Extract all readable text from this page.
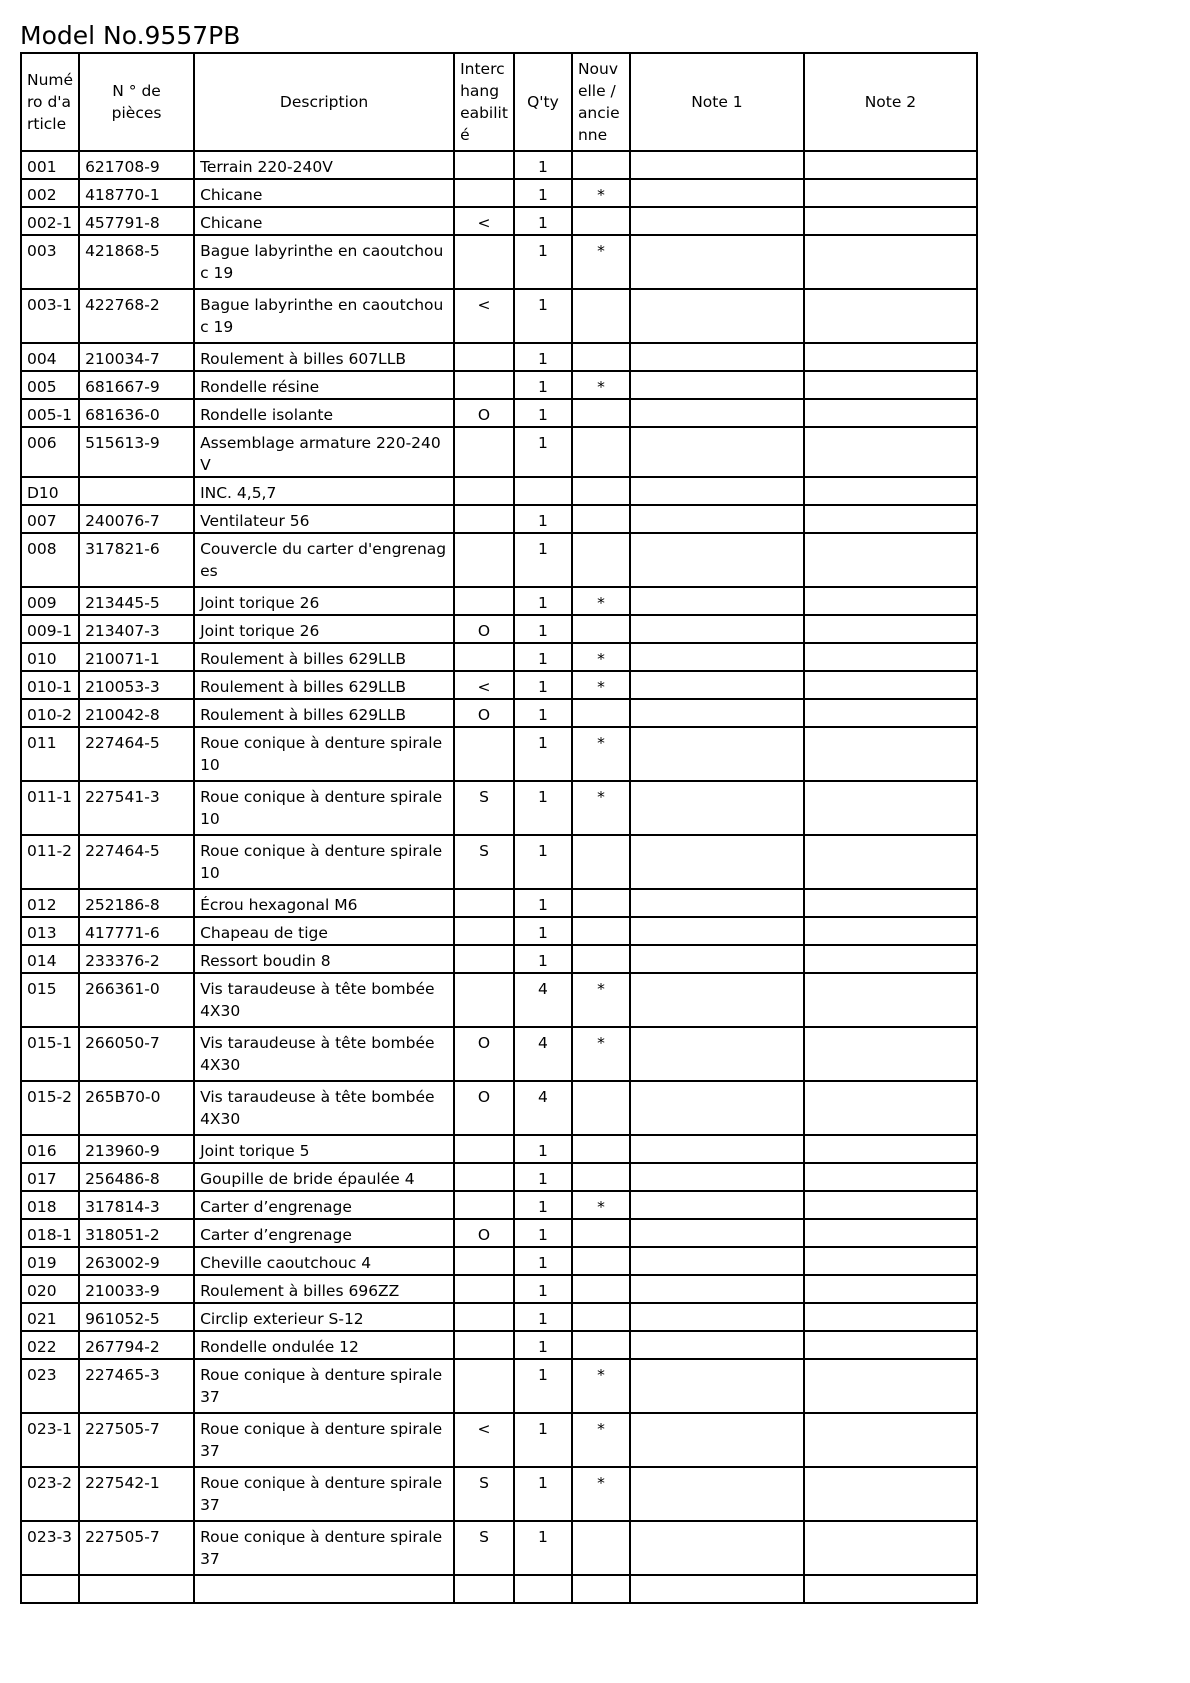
Model No.9557PB
Numé ro d'a rticle	N ° de pièces	Description	Interc hang eabilit é	Q'ty	Nouv elle / ancie nne	Note 1	Note 2
001	621708-9	Terrain 220-240V		1			
002	418770-1	Chicane		1	*		
002-1	457791-8	Chicane	<	1			
003	421868-5	Bague labyrinthe en caoutchouc 19		1	*		
003-1	422768-2	Bague labyrinthe en caoutchouc 19	<	1			
004	210034-7	Roulement à billes 607LLB		1			
005	681667-9	Rondelle résine		1	*		
005-1	681636-0	Rondelle isolante	O	1			
006	515613-9	Assemblage armature 220-240V		1			
D10		INC. 4,5,7					
007	240076-7	Ventilateur 56		1			
008	317821-6	Couvercle du carter d'engrenages		1			
009	213445-5	Joint torique 26		1	*		
009-1	213407-3	Joint torique 26	O	1			
010	210071-1	Roulement à billes 629LLB		1	*		
010-1	210053-3	Roulement à billes 629LLB	<	1	*		
010-2	210042-8	Roulement à billes 629LLB	O	1			
011	227464-5	Roue conique à denture spirale 10		1	*		
011-1	227541-3	Roue conique à denture spirale 10	S	1	*		
011-2	227464-5	Roue conique à denture spirale 10	S	1			
012	252186-8	Écrou hexagonal M6		1			
013	417771-6	Chapeau de tige		1			
014	233376-2	Ressort boudin 8		1			
015	266361-0	Vis taraudeuse à tête bombée 4X30		4	*		
015-1	266050-7	Vis taraudeuse à tête bombée 4X30	O	4	*		
015-2	265B70-0	Vis taraudeuse à tête bombée 4X30	O	4			
016	213960-9	Joint torique 5		1			
017	256486-8	Goupille de bride épaulée 4		1			
018	317814-3	Carter d’engrenage		1	*		
018-1	318051-2	Carter d’engrenage	O	1			
019	263002-9	Cheville caoutchouc 4		1			
020	210033-9	Roulement à billes 696ZZ		1			
021	961052-5	Circlip exterieur S-12		1			
022	267794-2	Rondelle ondulée 12		1			
023	227465-3	Roue conique à denture spirale 37		1	*		
023-1	227505-7	Roue conique à denture spirale 37	<	1	*		
023-2	227542-1	Roue conique à denture spirale 37	S	1	*		
023-3	227505-7	Roue conique à denture spirale 37	S	1			
